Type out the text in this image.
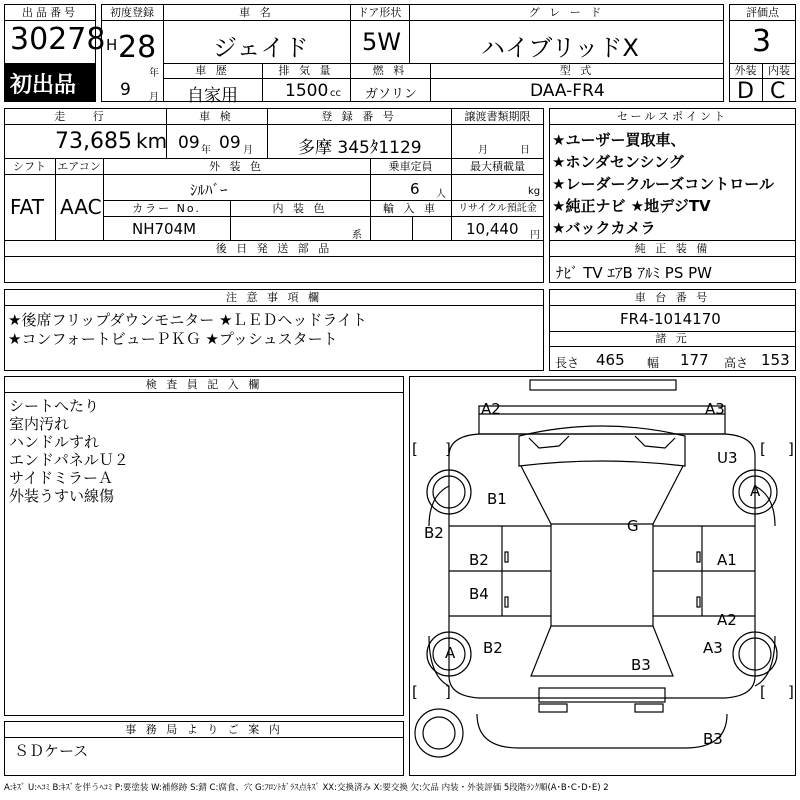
出品番号
30278
初出品
初度登録
H 28
年
9 月
車 名
ジェイド
ドア形状
5W
グ レ ー ド
ハイブリッドX
車 歴
自家用
排 気 量
1500 cc
燃 料
ガソリン
型 式
DAA-FR4
評価点
3
外装	内装
D C
走 行
73,685 km
車 検
09 年 09 月
登 録 番 号
多摩 345ﾀ1129
譲渡書類期限
月	日
シフト
FAT
エアコン
AAC
外 装 色
ｼﾙﾊﾞｰ
乗車定員
6 人
最大積載量
kg
カラー No.
NH704M
内 装 色
系
輸 入 車	リサイクル預託金
10,440 円
後 日 発 送 部 品
セールスポイント
★ユーザー買取車、
★ホンダセンシング
★レーダークルーズコントロール
★純正ナビ ★地デジTV
★バックカメラ
純 正 装 備
ﾅﾋﾞ TV ｴｱB ｱﾙﾐ PS PW
注 意 事 項 欄
★後席フリップダウンモニター ★ＬＥＤヘッドライト
★コンフォートビューＰＫＧ ★プッシュスタート
車 台 番 号
FR4-1014170
諸 元
長さ 465 幅 177 高さ 153
検 査 員 記 入 欄
シートへたり
室内汚れ
ハンドルすれ
エンドパネルＵ２
サイドミラーＡ
外装うすい線傷
事 務 局 よ り ご 案 内
ＳＤケース
A2	A3
U3
A
B1
B2	G
B2	A1
B4
A2
B2	A3
A
B3
B3
[ ]	[ ]
[ ]	[ ]
A:ｷｽﾞ U:ﾍｺﾐ B:ｷｽﾞを伴うﾍｺﾐ P:要塗装 W:補修跡 S:錆 C:腐食、穴 G:ﾌﾛﾝﾄｶﾞﾗｽ点ｷｽﾞ XX:交換済み X:要交換 欠:欠品 内装・外装評価 5段階ﾗﾝｸ順(A･B･C･D･E) 2
